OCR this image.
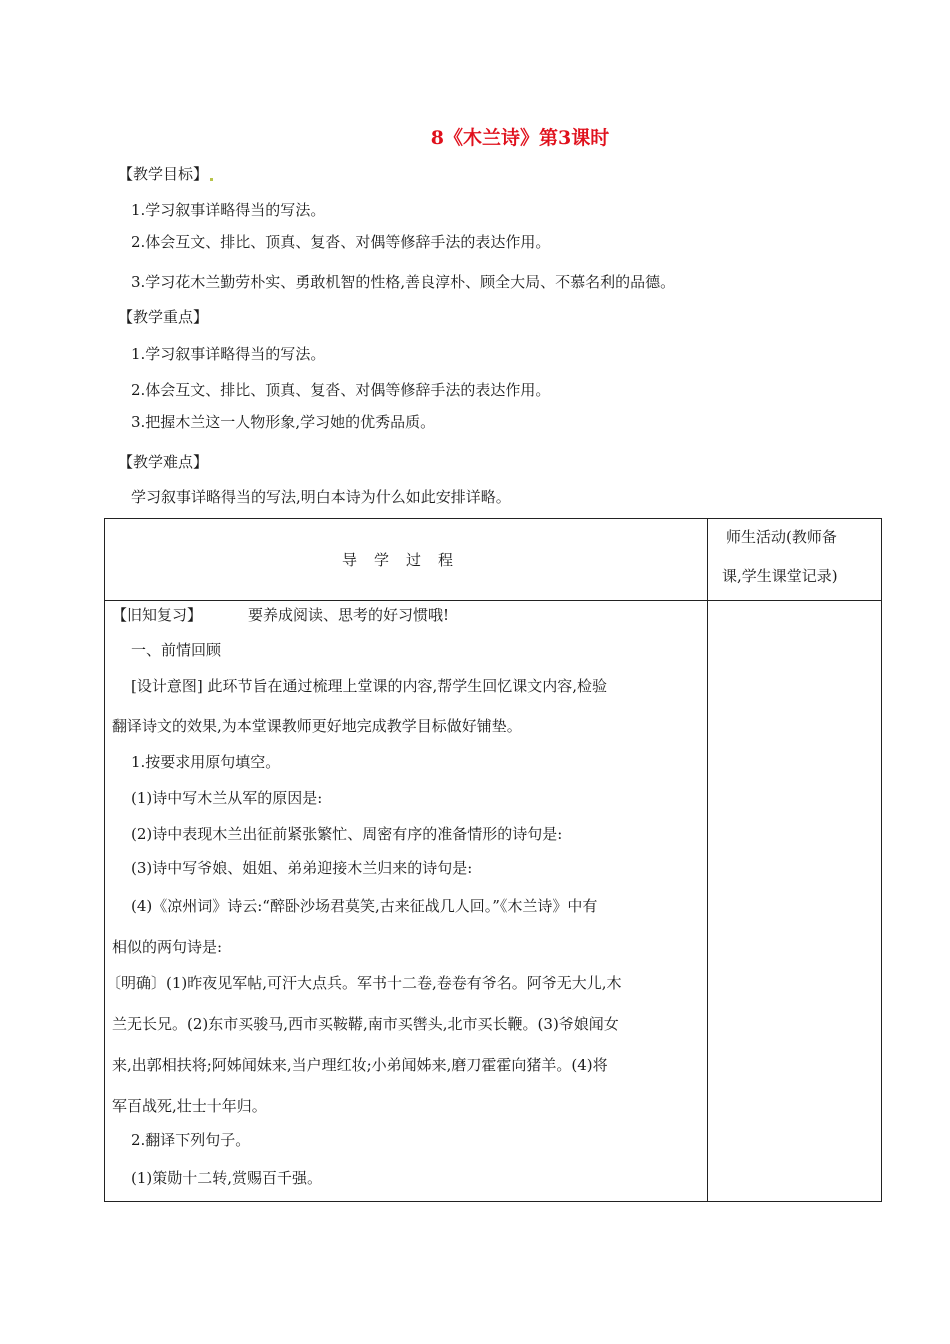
8《木兰诗》第3课时
【教学目标】
1.学习叙事详略得当的写法。
2.体会互文、排比、顶真、复沓、对偶等修辞手法的表达作用。
3.学习花木兰勤劳朴实、勇敢机智的性格,善良淳朴、顾全大局、不慕名利的品德。
【教学重点】
1.学习叙事详略得当的写法。
2.体会互文、排比、顶真、复沓、对偶等修辞手法的表达作用。
3.把握木兰这一人物形象,学习她的优秀品质。
【教学难点】
学习叙事详略得当的写法,明白本诗为什么如此安排详略。
导学过程
师生活动(教师备
课,学生课堂记录)
【旧知复习】	要养成阅读、思考的好习惯哦!
一、前情回顾
[设计意图] 此环节旨在通过梳理上堂课的内容,帮学生回忆课文内容,检验
翻译诗文的效果,为本堂课教师更好地完成教学目标做好铺垫。
1.按要求用原句填空。
(1)诗中写木兰从军的原因是:
(2)诗中表现木兰出征前紧张繁忙、周密有序的准备情形的诗句是:
(3)诗中写爷娘、姐姐、弟弟迎接木兰归来的诗句是:
(4)《凉州词》诗云:“醉卧沙场君莫笑,古来征战几人回。”《木兰诗》中有
相似的两句诗是:
〔明确〕(1)昨夜见军帖,可汗大点兵。军书十二卷,卷卷有爷名。阿爷无大儿,木
兰无长兄。(2)东市买骏马,西市买鞍鞯,南市买辔头,北市买长鞭。(3)爷娘闻女
来,出郭相扶将;阿姊闻妹来,当户理红妆;小弟闻姊来,磨刀霍霍向猪羊。(4)将
军百战死,壮士十年归。
2.翻译下列句子。
(1)策勋十二转,赏赐百千强。
